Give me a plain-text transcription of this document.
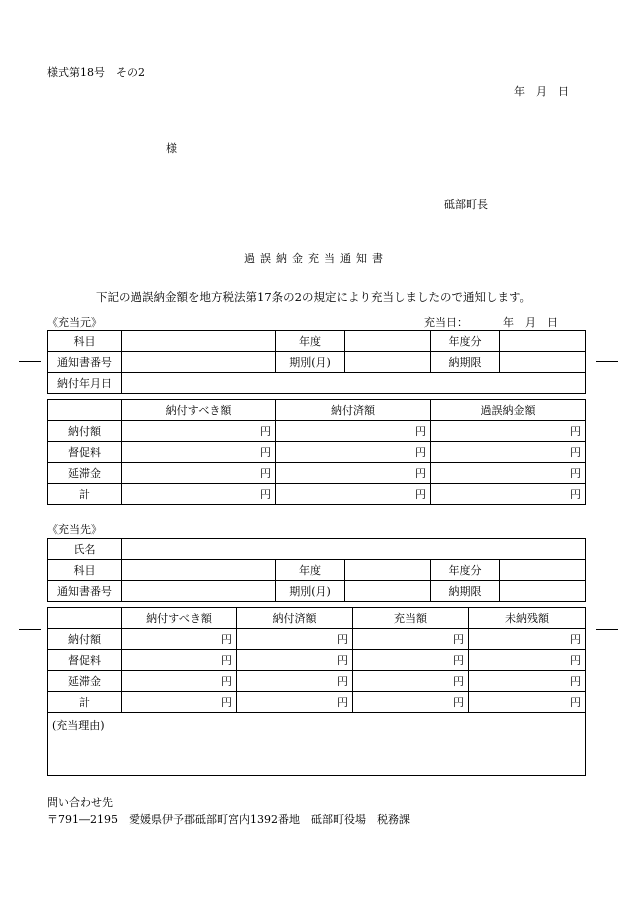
様式第18号　その2
年　月　日
様
砥部町長
過誤納金充当通知書
下記の過誤納金額を地方税法第17条の2の規定により充当しましたので通知します。
《充当元》	充当日：	年　月　日
科目		年度		年度分	
通知書番号		期別(月)		納期限	
納付年月日					
	納付すべき額	納付済額	過誤納金額
納付額	円	円	円
督促料	円	円	円
延滞金	円	円	円
計	円	円	円
《充当先》
氏名					
科目		年度		年度分	
通知書番号		期別(月)		納期限	
	納付すべき額	納付済額	充当額	未納残額
納付額	円	円	円	円
督促料	円	円	円	円
延滞金	円	円	円	円
計	円	円	円	円
(充当理由)				
問い合わせ先
〒791―2195　愛媛県伊予郡砥部町宮内1392番地　砥部町役場　税務課
